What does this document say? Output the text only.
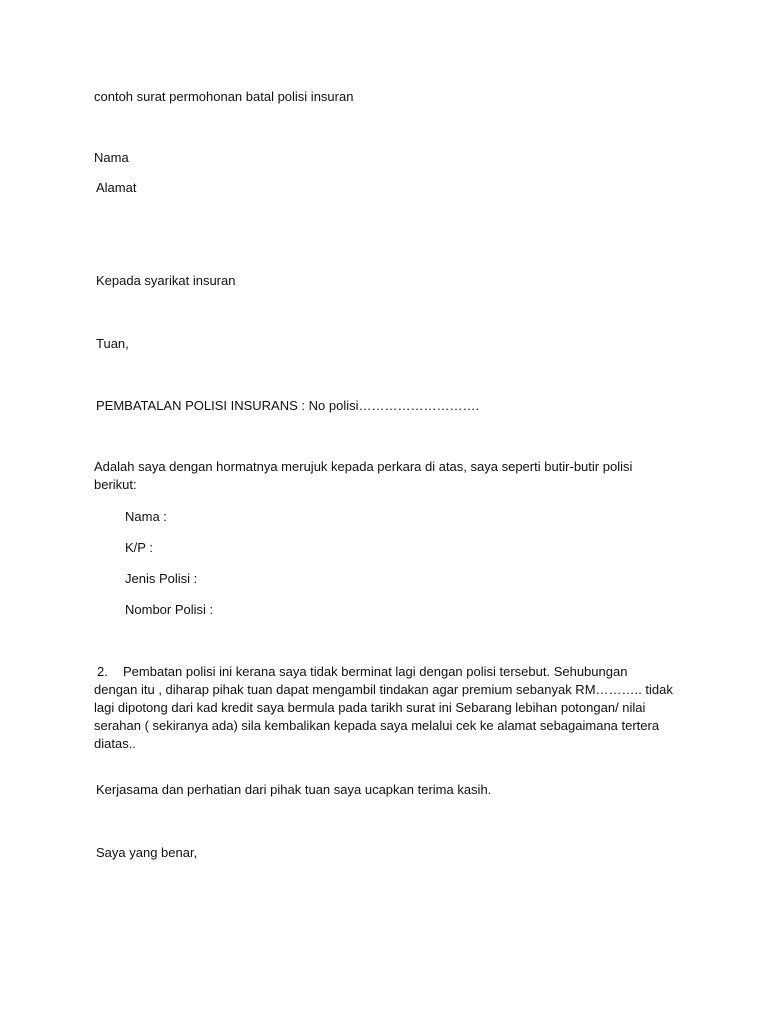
contoh surat permohonan batal polisi insuran
Nama
Alamat
Kepada syarikat insuran
Tuan,
PEMBATALAN POLISI INSURANS : No polisi……………………….
Adalah saya dengan hormatnya merujuk kepada perkara di atas, saya seperti butir-butir polisi berikut:
Nama :
K/P :
Jenis Polisi :
Nombor Polisi :
2. Pembatan polisi ini kerana saya tidak berminat lagi dengan polisi tersebut. Sehubungan dengan itu , diharap pihak tuan dapat mengambil tindakan agar premium sebanyak RM……….. tidak lagi dipotong dari kad kredit saya bermula pada tarikh surat ini Sebarang lebihan potongan/ nilai serahan ( sekiranya ada) sila kembalikan kepada saya melalui cek ke alamat sebagaimana tertera diatas..
Kerjasama dan perhatian dari pihak tuan saya ucapkan terima kasih.
Saya yang benar,
